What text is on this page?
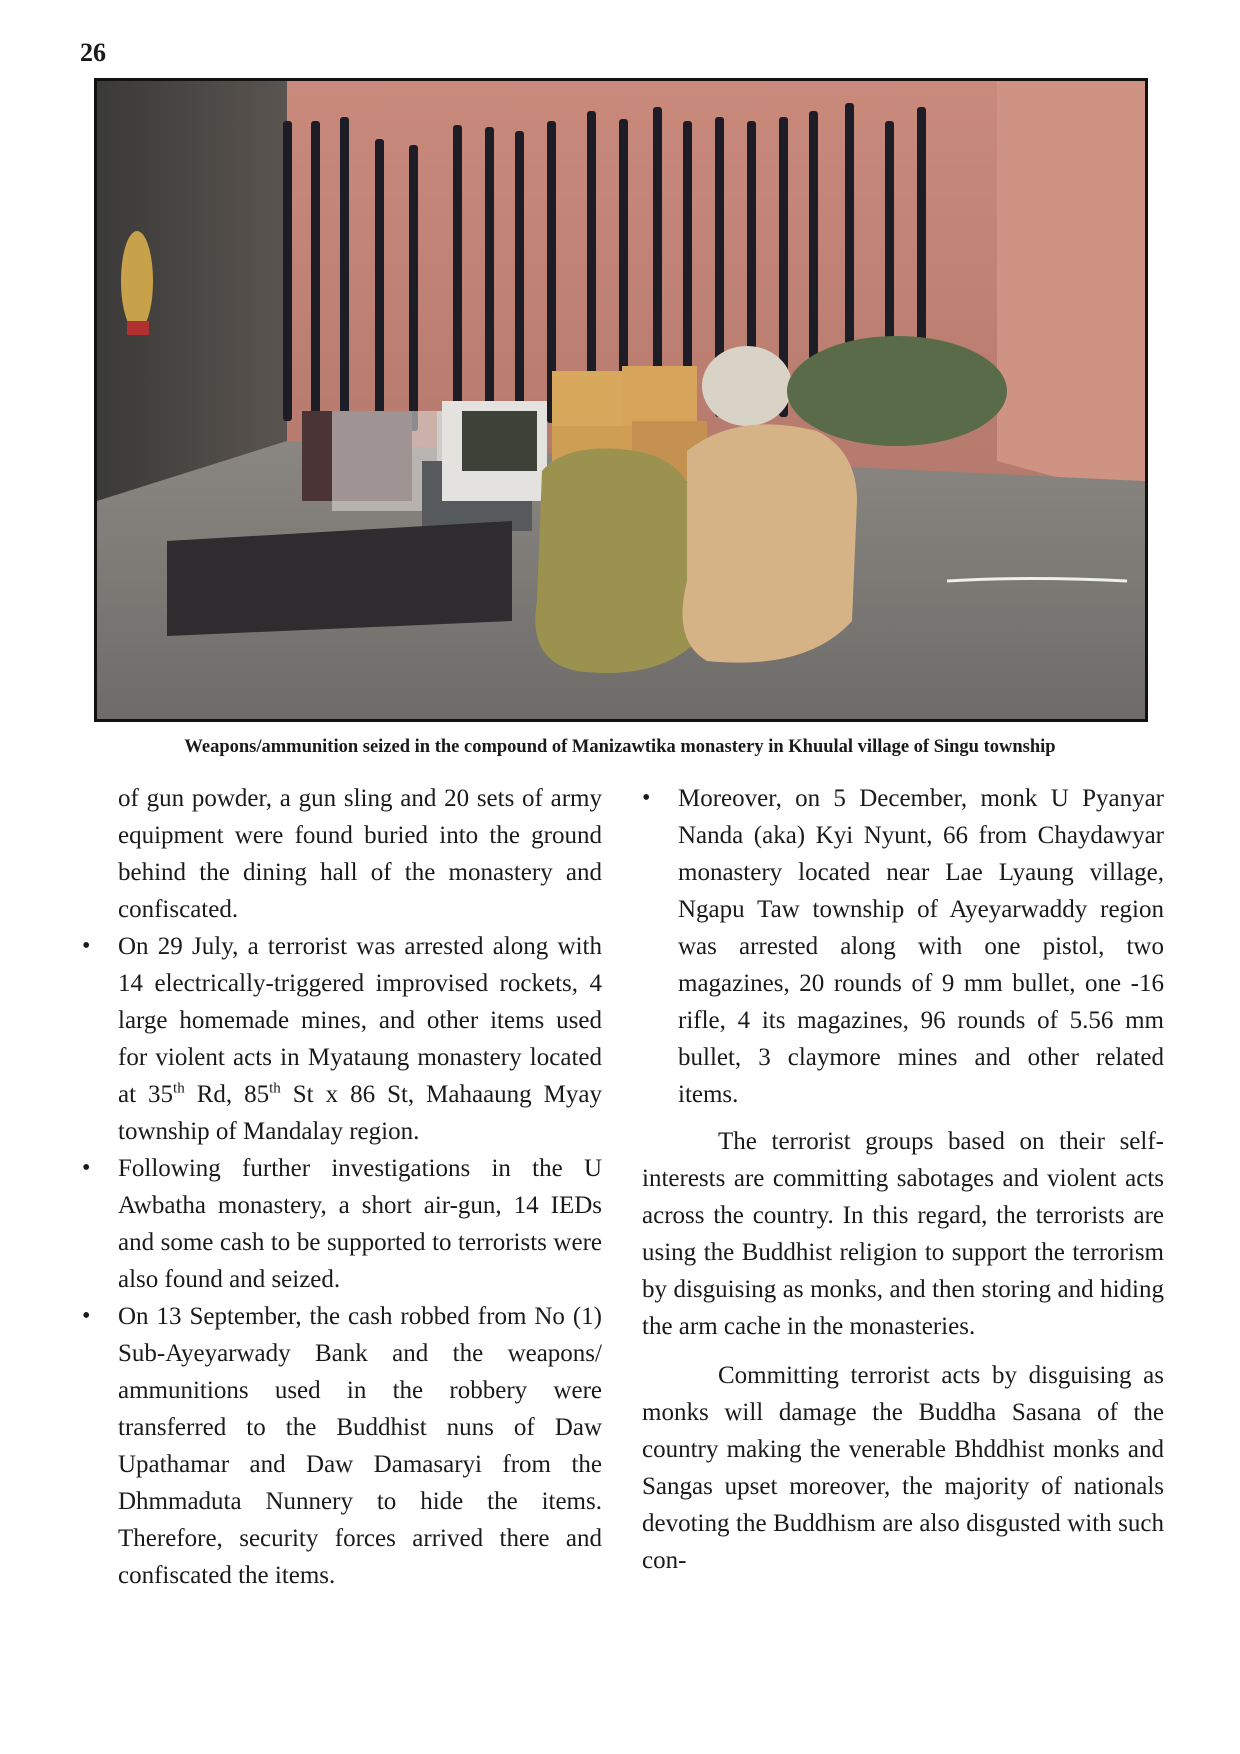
26
Weapons/ammunition seized in the compound of Manizawtika monastery in Khuulal village of Singu township

of gun powder, a gun sling and 20 sets of army equipment were found buried into the ground behind the dining hall of the monastery and confiscated.

• On 29 July, a terrorist was arrested along with 14 electrically-triggered improvised rockets, 4 large homemade mines, and other items used for violent acts in Myataung monastery located at 35th Rd, 85th St x 86 St, Mahaaung Myay township of Mandalay region.
• Following further investigations in the U Awbatha monastery, a short air-gun, 14 IEDs and some cash to be supported to terrorists were also found and seized.
• On 13 September, the cash robbed from No (1) Sub-Ayeyarwady Bank and the weapons/ ammunitions used in the robbery were transferred to the Buddhist nuns of Daw Upathamar and Daw Damasaryi from the Dhmmaduta Nunnery to hide the items. Therefore, security forces arrived there and confiscated the items.
• Moreover, on 5 December, monk U Pyanyar Nanda (aka) Kyi Nyunt, 66 from Chaydawyar monastery located near Lae Lyaung village, Ngapu Taw township of Ayeyarwaddy region was arrested along with one pistol, two magazines, 20 rounds of 9 mm bullet, one -16 rifle, 4 its magazines, 96 rounds of 5.56 mm bullet, 3 claymore mines and other related items.

The terrorist groups based on their self-interests are committing sabotages and violent acts across the country. In this regard, the terrorists are using the Buddhist religion to support the terrorism by disguising as monks, and then storing and hiding the arm cache in the monasteries.

Committing terrorist acts by disguising as monks will damage the Buddha Sasana of the country making the venerable Bhddhist monks and Sangas upset moreover, the majority of nationals devoting the Buddhism are also disgusted with such con-
